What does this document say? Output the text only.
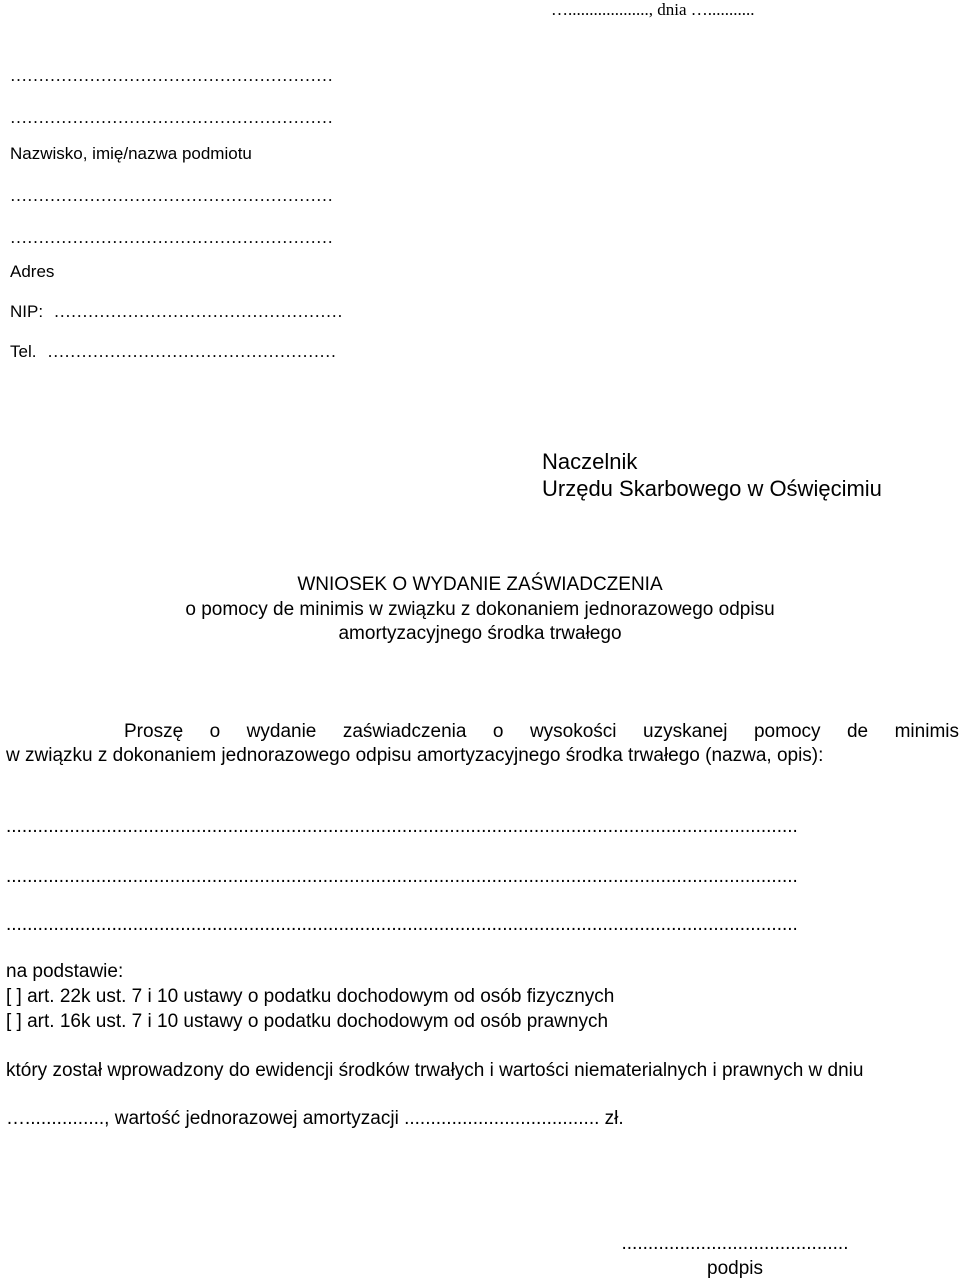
…..................., dnia …...........
…………………………………………………
…………………………………………………
Nazwisko, imię/nazwa podmiotu
…………………………………………………
…………………………………………………
Adres
NIP: ……………………………………………
Tel. ……………………………………………
Naczelnik
Urzędu Skarbowego w Oświęcimiu
WNIOSEK O WYDANIE ZAŚWIADCZENIA
o pomocy de minimis w związku z dokonaniem jednorazowego odpisu
amortyzacyjnego środka trwałego
Proszę o wydanie zaświadczenia o wysokości uzyskanej pomocy de minimis
w związku z dokonaniem jednorazowego odpisu amortyzacyjnego środka trwałego (nazwa, opis):
......................................................................................................................................................
......................................................................................................................................................
......................................................................................................................................................
na podstawie:
[ ] art. 22k ust. 7 i 10 ustawy o podatku dochodowym od osób fizycznych
[ ] art. 16k ust. 7 i 10 ustawy o podatku dochodowym od osób prawnych
który został wprowadzony do ewidencji środków trwałych i wartości niematerialnych i prawnych w dniu
…..............., wartość jednorazowej amortyzacji ..................................... zł.
...........................................
podpis
